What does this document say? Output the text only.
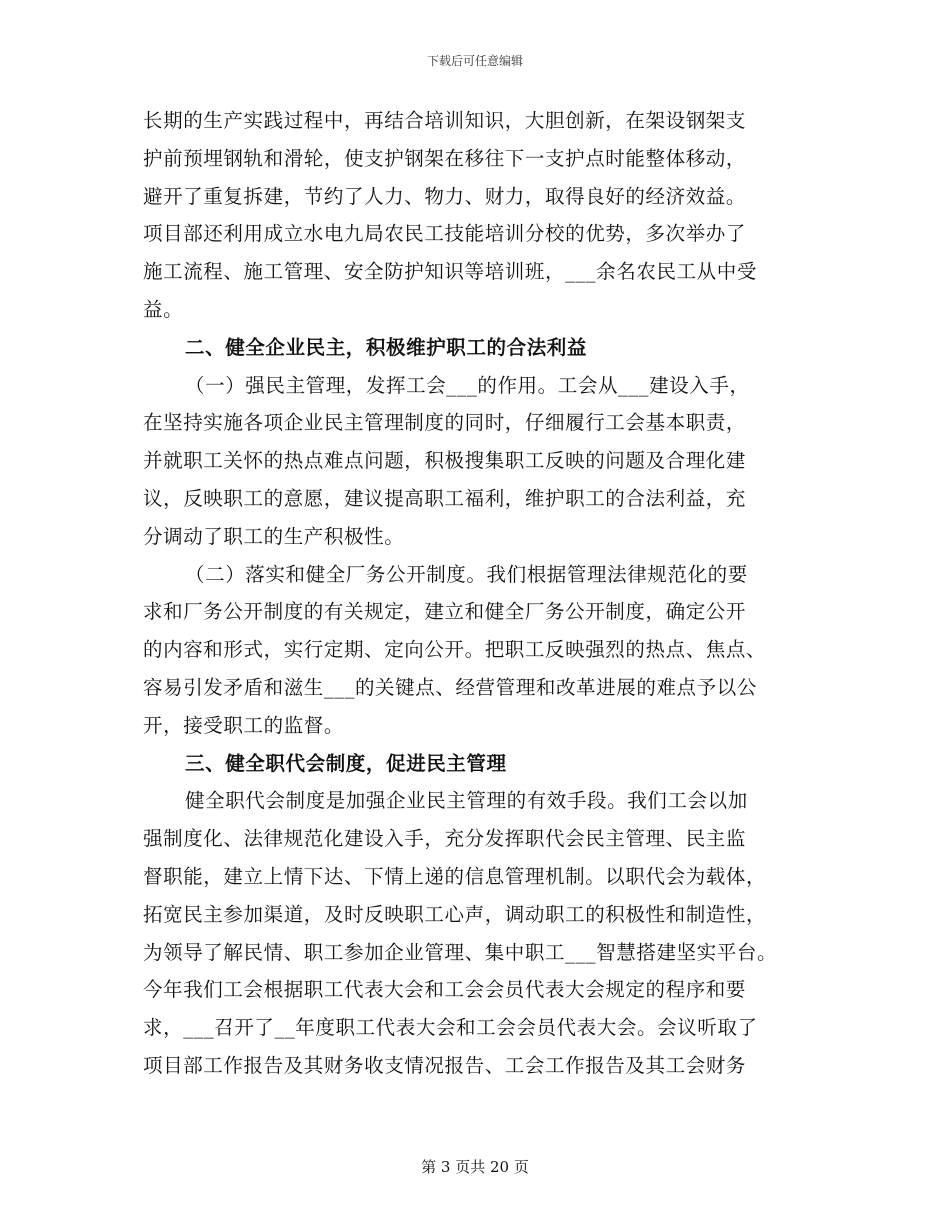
下载后可任意编辑
长期的生产实践过程中，再结合培训知识，大胆创新，在架设钢架支
护前预埋钢轨和滑轮，使支护钢架在移往下一支护点时能整体移动，
避开了重复拆建，节约了人力、物力、财力，取得良好的经济效益。
项目部还利用成立水电九局农民工技能培训分校的优势，多次举办了
施工流程、施工管理、安全防护知识等培训班，___余名农民工从中受
益。
二、健全企业民主，积极维护职工的合法利益
（一）强民主管理，发挥工会___的作用。工会从___建设入手，
在坚持实施各项企业民主管理制度的同时，仔细履行工会基本职责，
并就职工关怀的热点难点问题，积极搜集职工反映的问题及合理化建
议，反映职工的意愿，建议提高职工福利，维护职工的合法利益，充
分调动了职工的生产积极性。
（二）落实和健全厂务公开制度。我们根据管理法律规范化的要
求和厂务公开制度的有关规定，建立和健全厂务公开制度，确定公开
的内容和形式，实行定期、定向公开。把职工反映强烈的热点、焦点、
容易引发矛盾和滋生___的关键点、经营管理和改革进展的难点予以公
开，接受职工的监督。
三、健全职代会制度，促进民主管理
健全职代会制度是加强企业民主管理的有效手段。我们工会以加
强制度化、法律规范化建设入手，充分发挥职代会民主管理、民主监
督职能，建立上情下达、下情上递的信息管理机制。以职代会为载体，
拓宽民主参加渠道，及时反映职工心声，调动职工的积极性和制造性，
为领导了解民情、职工参加企业管理、集中职工___智慧搭建坚实平台。
今年我们工会根据职工代表大会和工会会员代表大会规定的程序和要
求，___召开了__年度职工代表大会和工会会员代表大会。会议听取了
项目部工作报告及其财务收支情况报告、工会工作报告及其工会财务
第 3 页共 20 页
